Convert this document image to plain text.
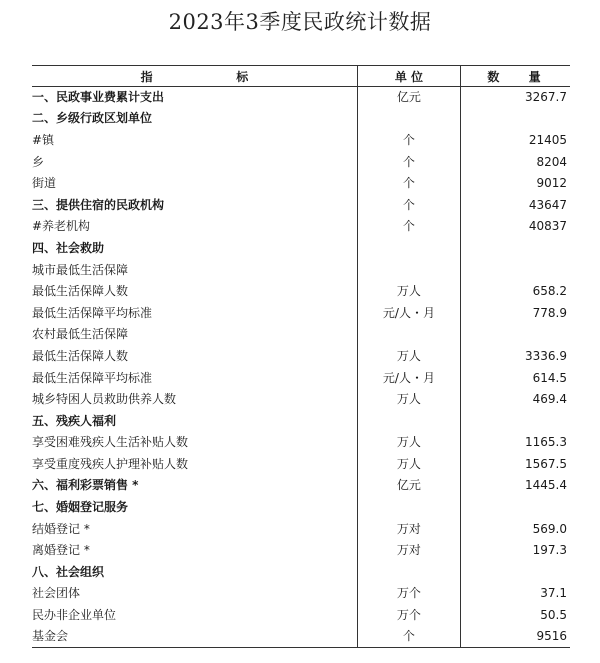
2023年3季度民政统计数据
指                    标	单 位	数       量
一、民政事业费累计支出	亿元	3267.7
二、乡级行政区划单位		
#镇	个	21405
乡	个	8204
街道	个	9012
三、提供住宿的民政机构	个	43647
#养老机构	个	40837
四、社会救助		
城市最低生活保障		
最低生活保障人数	万人	658.2
最低生活保障平均标准	元/人・月	778.9
农村最低生活保障		
最低生活保障人数	万人	3336.9
最低生活保障平均标准	元/人・月	614.5
城乡特困人员救助供养人数	万人	469.4
五、残疾人福利		
享受困难残疾人生活补贴人数	万人	1165.3
享受重度残疾人护理补贴人数	万人	1567.5
六、福利彩票销售 *	亿元	1445.4
七、婚姻登记服务		
结婚登记 *	万对	569.0
离婚登记 *	万对	197.3
八、社会组织		
社会团体	万个	37.1
民办非企业单位	万个	50.5
基金会	个	9516
